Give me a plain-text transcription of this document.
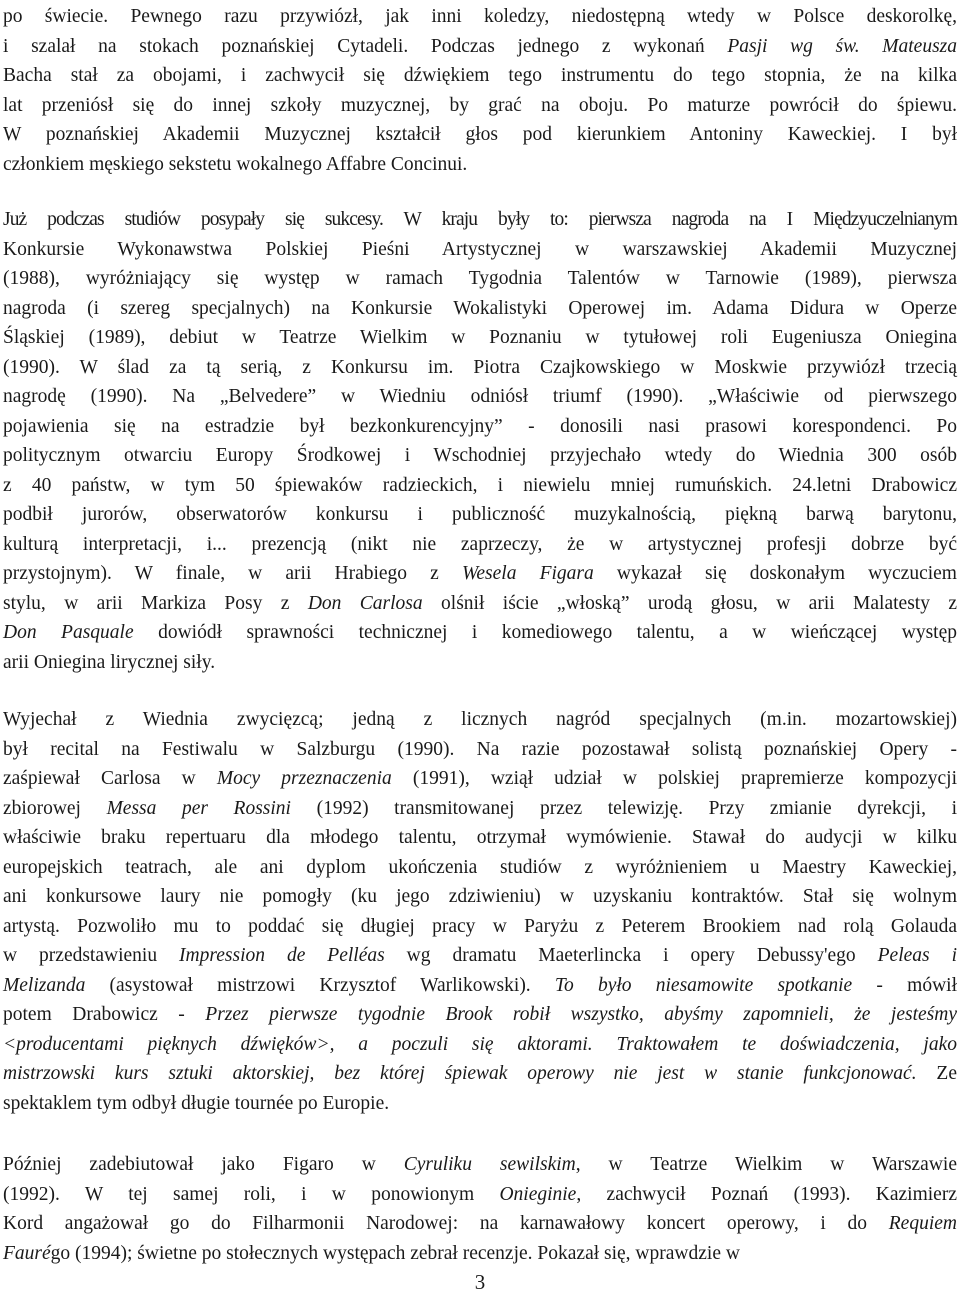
po świecie. Pewnego razu przywiózł, jak inni koledzy, niedostępną wtedy w Polsce deskorolkę,
i szalał na stokach poznańskiej Cytadeli. Podczas jednego z wykonań Pasji wg św. Mateusza
Bacha stał za obojami, i zachwycił się dźwiękiem tego instrumentu do tego stopnia, że na kilka
lat przeniósł się do innej szkoły muzycznej, by grać na oboju. Po maturze powrócił do śpiewu.
W poznańskiej Akademii Muzycznej kształcił głos pod kierunkiem Antoniny Kaweckiej. I był
członkiem męskiego sekstetu wokalnego Affabre Concinui.
Już podczas studiów posypały się sukcesy. W kraju były to: pierwsza nagroda na I Międzyuczelnianym
Konkursie Wykonawstwa Polskiej Pieśni Artystycznej w warszawskiej Akademii Muzycznej
(1988), wyróżniający się występ w ramach Tygodnia Talentów w Tarnowie (1989), pierwsza
nagroda (i szereg specjalnych) na Konkursie Wokalistyki Operowej im. Adama Didura w Operze
Śląskiej (1989), debiut w Teatrze Wielkim w Poznaniu w tytułowej roli Eugeniusza Oniegina
(1990). W ślad za tą serią, z Konkursu im. Piotra Czajkowskiego w Moskwie przywiózł trzecią
nagrodę (1990). Na „Belvedere” w Wiedniu odniósł triumf (1990). „Właściwie od pierwszego
pojawienia się na estradzie był bezkonkurencyjny” - donosili nasi prasowi korespondenci. Po
politycznym otwarciu Europy Środkowej i Wschodniej przyjechało wtedy do Wiednia 300 osób
z 40 państw, w tym 50 śpiewaków radzieckich, i niewielu mniej rumuńskich. 24.letni Drabowicz
podbił jurorów, obserwatorów konkursu i publiczność muzykalnością, piękną barwą barytonu,
kulturą interpretacji, i... prezencją (nikt nie zaprzeczy, że w artystycznej profesji dobrze być
przystojnym). W finale, w arii Hrabiego z Wesela Figara wykazał się doskonałym wyczuciem
stylu, w arii Markiza Posy z Don Carlosa olśnił iście „włoską” urodą głosu, w arii Malatesty z
Don Pasquale dowiódł sprawności technicznej i komediowego talentu, a w wieńczącej występ
arii Oniegina lirycznej siły.
Wyjechał z Wiednia zwycięzcą; jedną z licznych nagród specjalnych (m.in. mozartowskiej)
był recital na Festiwalu w Salzburgu (1990). Na razie pozostawał solistą poznańskiej Opery -
zaśpiewał Carlosa w Mocy przeznaczenia (1991), wziął udział w polskiej prapremierze kompozycji
zbiorowej Messa per Rossini (1992) transmitowanej przez telewizję. Przy zmianie dyrekcji, i
właściwie braku repertuaru dla młodego talentu, otrzymał wymówienie. Stawał do audycji w kilku
europejskich teatrach, ale ani dyplom ukończenia studiów z wyróżnieniem u Maestry Kaweckiej,
ani konkursowe laury nie pomogły (ku jego zdziwieniu) w uzyskaniu kontraktów. Stał się wolnym
artystą. Pozwoliło mu to poddać się długiej pracy w Paryżu z Peterem Brookiem nad rolą Golauda
w przedstawieniu Impression de Pelléas wg dramatu Maeterlincka i opery Debussy'ego Peleas i
Melizanda (asystował mistrzowi Krzysztof Warlikowski). To było niesamowite spotkanie - mówił
potem Drabowicz - Przez pierwsze tygodnie Brook robił wszystko, abyśmy zapomnieli, że jesteśmy
<producentami pięknych dźwięków>, a poczuli się aktorami. Traktowałem te doświadczenia, jako
mistrzowski kurs sztuki aktorskiej, bez której śpiewak operowy nie jest w stanie funkcjonować. Ze
spektaklem tym odbył długie tournée po Europie.
Później zadebiutował jako Figaro w Cyruliku sewilskim, w Teatrze Wielkim w Warszawie
(1992). W tej samej roli, i w ponowionym Onieginie, zachwycił Poznań (1993). Kazimierz
Kord angażował go do Filharmonii Narodowej: na karnawałowy koncert operowy, i do Requiem
Faurégo (1994); świetne po stołecznych występach zebrał recenzje. Pokazał się, wprawdzie w
3
